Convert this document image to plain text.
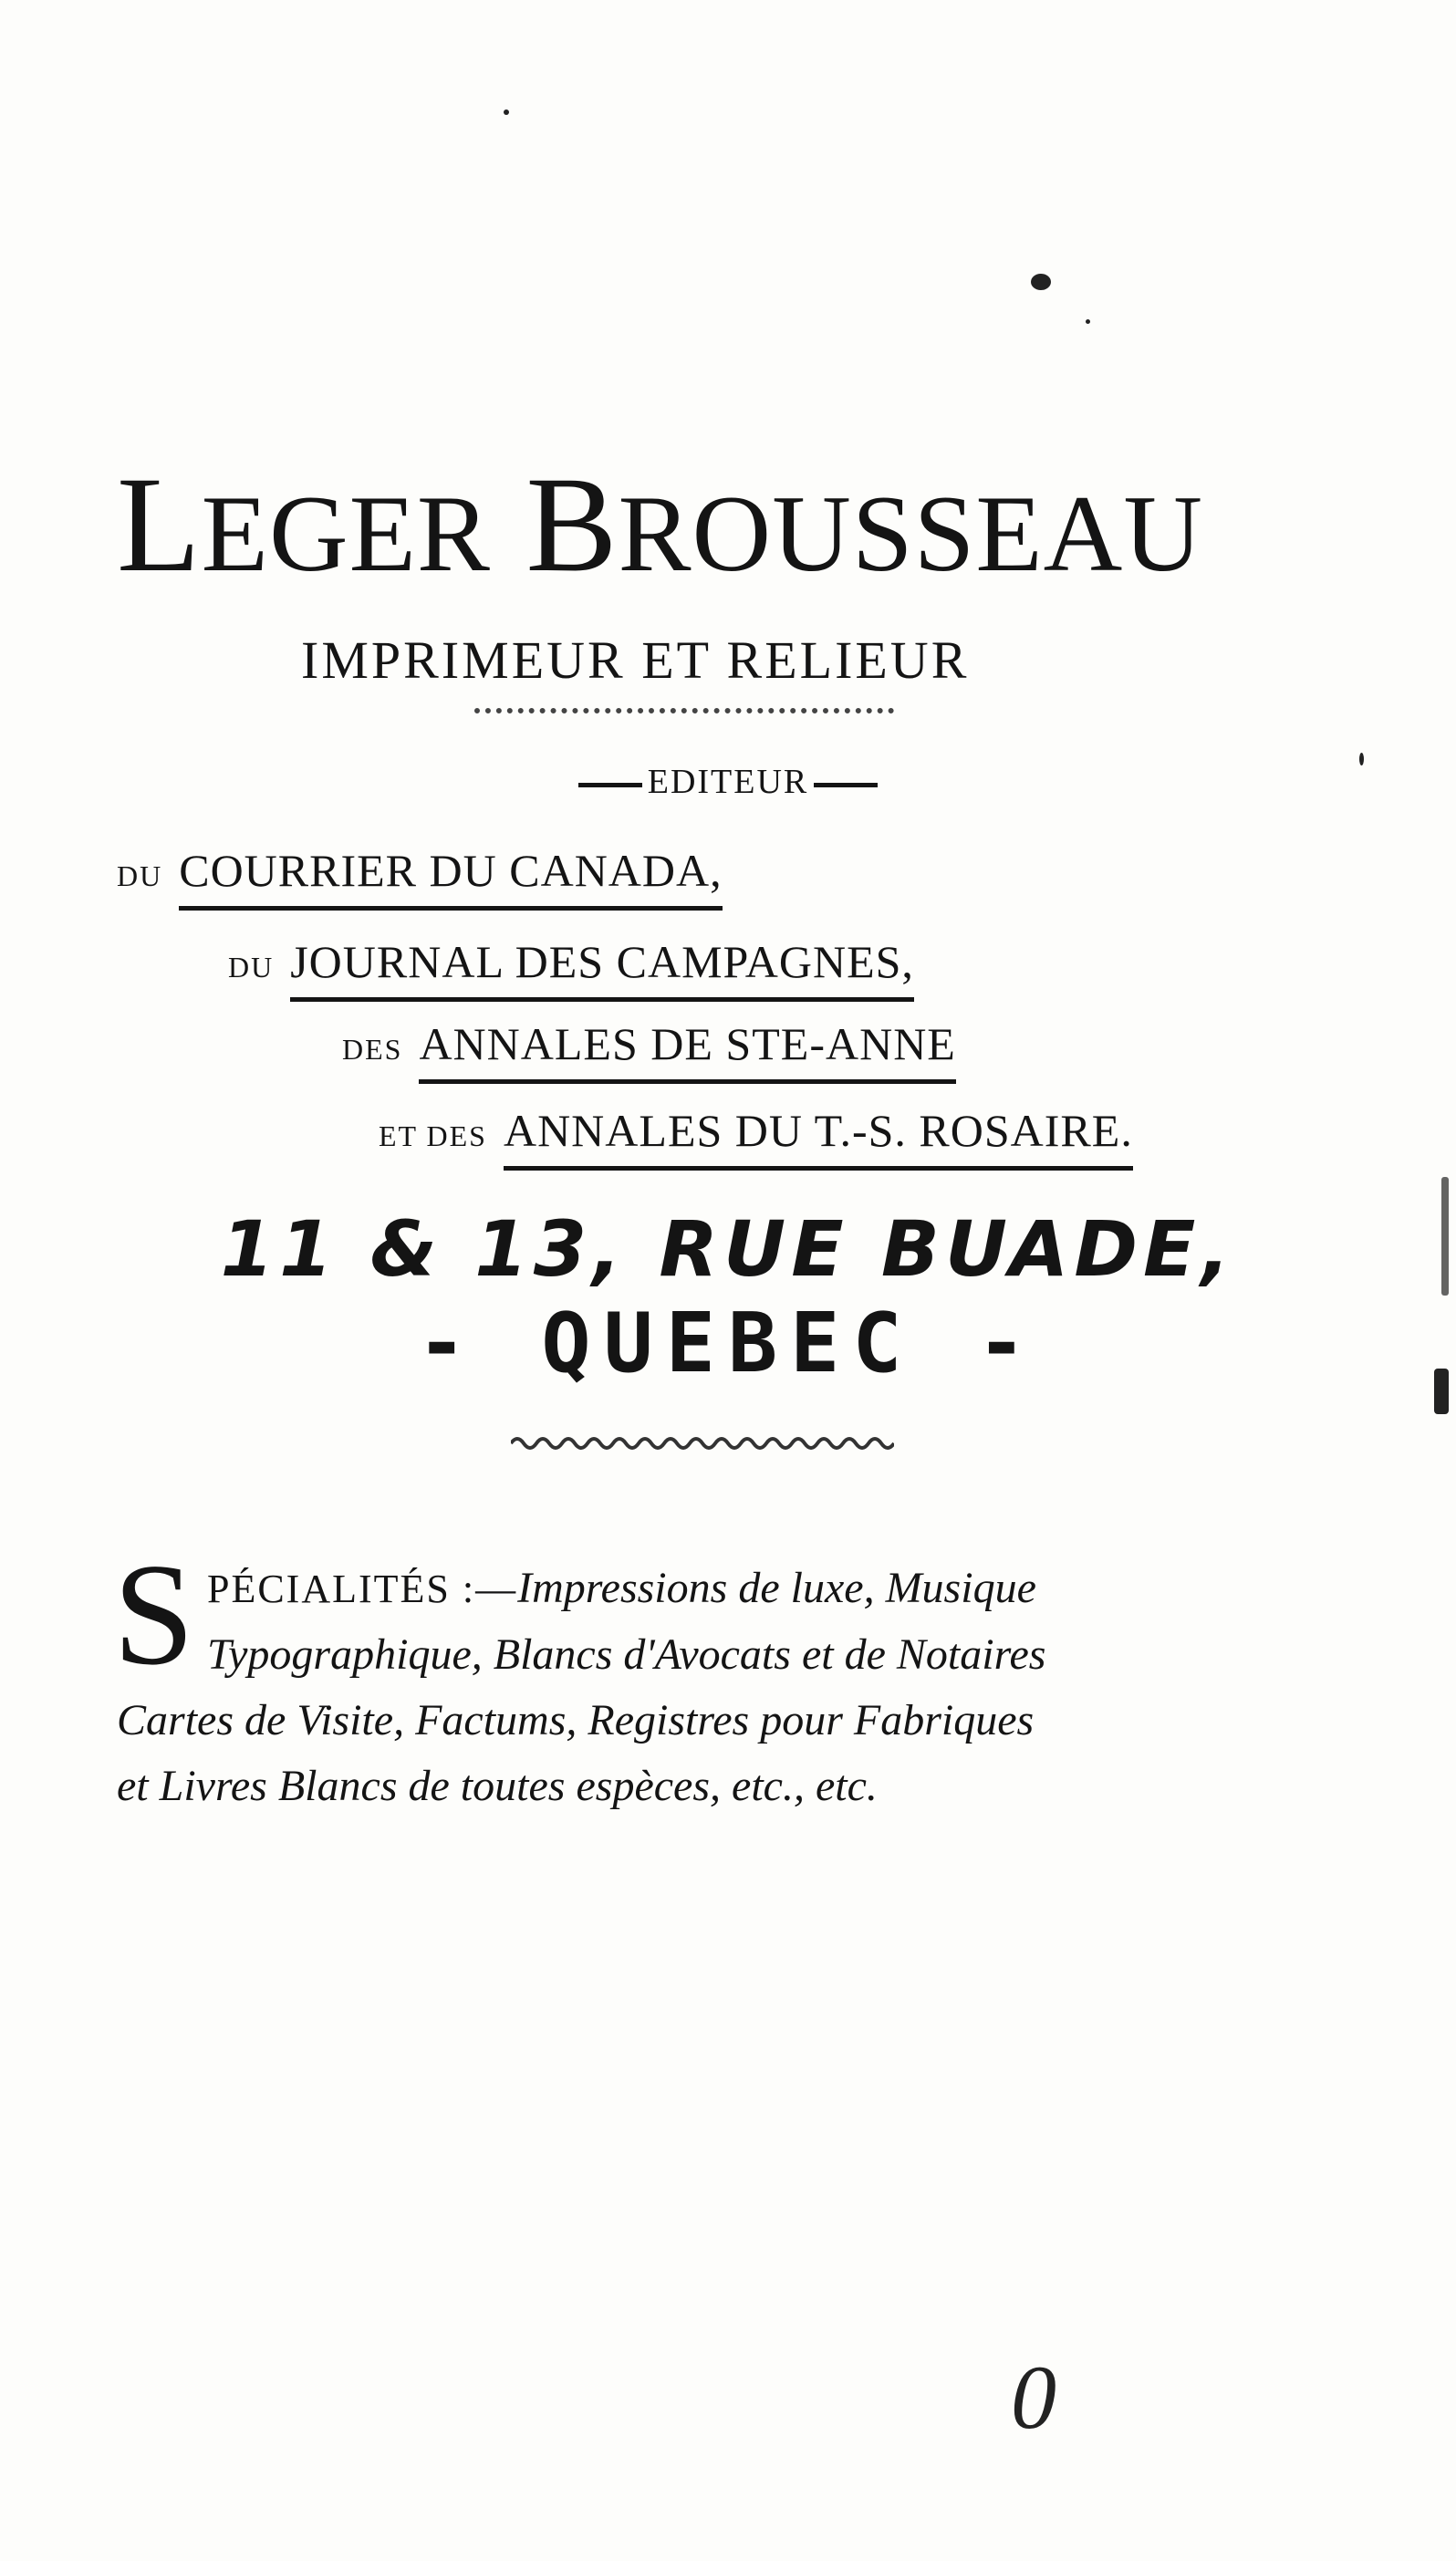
LEGER BROUSSEAU
IMPRIMEUR ET RELIEUR
EDITEUR
DU COURRIER DU CANADA,
DU JOURNAL DES CAMPAGNES,
DES ANNALES DE STE-ANNE
ET DES ANNALES DU T.-S. ROSAIRE.
11 & 13, RUE BUADE,
- QUEBEC -
S PÉCIALITÉS :—Impressions de luxe, Musique
Typographique, Blancs d'Avocats et de Notaires
Cartes de Visite, Factums, Registres pour Fabriques
et Livres Blancs de toutes espèces, etc., etc.
0
